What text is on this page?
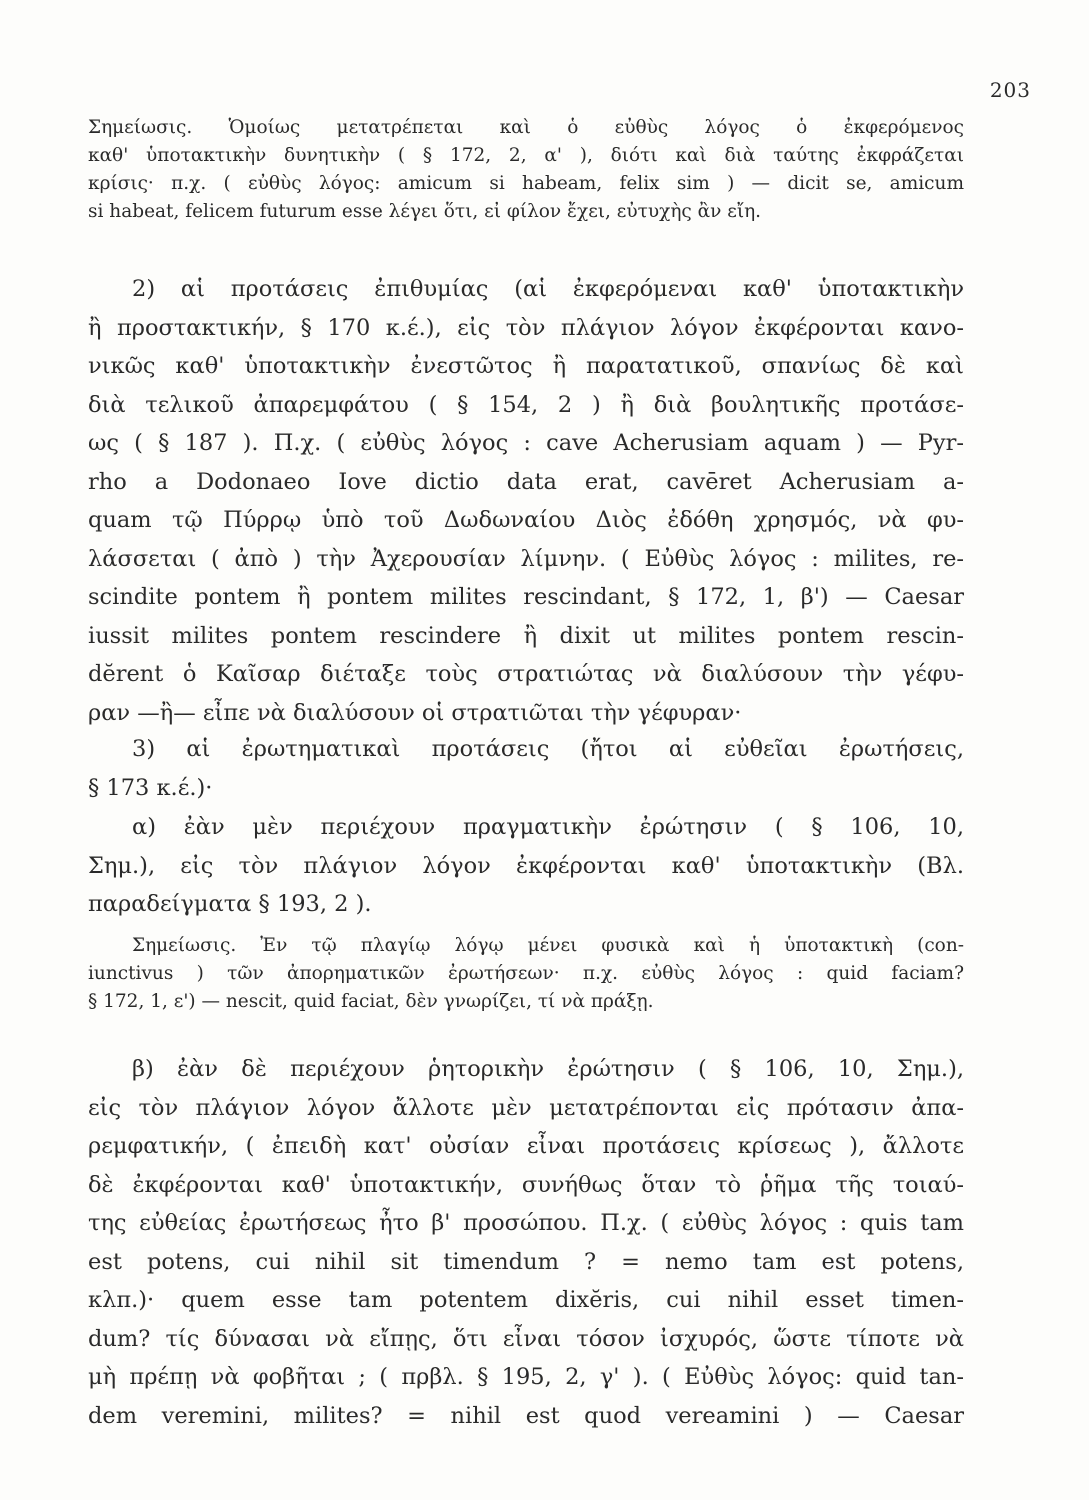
203
Σημείωσις. Ὁμοίως μετατρέπεται καὶ ὁ εὐθὺς λόγος ὁ ἐκφερόμενος
καθ' ὑποτακτικὴν δυνητικὴν ( § 172, 2, α' ), διότι καὶ διὰ ταύτης ἐκφράζεται
κρίσις· π.χ. ( εὐθὺς λόγος: amicum si habeam, felix sim ) — dicit se, amicum
si habeat, felicem futurum esse λέγει ὅτι, εἰ φίλον ἔχει, εὐτυχὴς ἂν εἴη.
2) αἱ προτάσεις ἐπιθυμίας (αἱ ἐκφερόμεναι καθ' ὑποτακτικὴν
ἢ προστακτικήν, § 170 κ.έ.), εἰς τὸν πλάγιον λόγον ἐκφέρονται κανο-
νικῶς καθ' ὑποτακτικὴν ἐνεστῶτος ἢ παρατατικοῦ, σπανίως δὲ καὶ
διὰ τελικοῦ ἀπαρεμφάτου ( § 154, 2 ) ἢ διὰ βουλητικῆς προτάσε-
ως ( § 187 ). Π.χ. ( εὐθὺς λόγος : cave Acherusiam aquam ) — Pyr-
rho a Dodonaeo Iove dictio data erat, cavēret Acherusiam a-
quam τῷ Πύρρῳ ὑπὸ τοῦ Δωδωναίου Διὸς ἐδόθη χρησμός, νὰ φυ-
λάσσεται ( ἀπὸ ) τὴν Ἀχερουσίαν λίμνην. ( Εὐθὺς λόγος : milites, re-
scindite pontem ἢ pontem milites rescindant, § 172, 1, β') — Caesar
iussit milites pontem rescindere ἢ dixit ut milites pontem rescin-
dĕrent ὁ Καῖσαρ διέταξε τοὺς στρατιώτας νὰ διαλύσουν τὴν γέφυ-
ραν —ἢ— εἶπε νὰ διαλύσουν οἱ στρατιῶται τὴν γέφυραν·
3) αἱ ἐρωτηματικαὶ προτάσεις (ἤτοι αἱ εὐθεῖαι ἐρωτήσεις,
§ 173 κ.έ.)·
α) ἐὰν μὲν περιέχουν πραγματικὴν ἐρώτησιν ( § 106, 10,
Σημ.), εἰς τὸν πλάγιον λόγον ἐκφέρονται καθ' ὑποτακτικὴν (Βλ.
παραδείγματα § 193, 2 ).
Σημείωσις. Ἐν τῷ πλαγίῳ λόγῳ μένει φυσικὰ καὶ ἡ ὑποτακτικὴ (con-
iunctivus ) τῶν ἀπορηματικῶν ἐρωτήσεων· π.χ. εὐθὺς λόγος : quid faciam?
§ 172, 1, ε') — nescit, quid faciat, δὲν γνωρίζει, τί νὰ πράξῃ.
β) ἐὰν δὲ περιέχουν ῥητορικὴν ἐρώτησιν ( § 106, 10, Σημ.),
εἰς τὸν πλάγιον λόγον ἄλλοτε μὲν μετατρέπονται εἰς πρότασιν ἀπα-
ρεμφατικήν, ( ἐπειδὴ κατ' οὐσίαν εἶναι προτάσεις κρίσεως ), ἄλλοτε
δὲ ἐκφέρονται καθ' ὑποτακτικήν, συνήθως ὅταν τὸ ῥῆμα τῆς τοιαύ-
της εὐθείας ἐρωτήσεως ἦτο β' προσώπου. Π.χ. ( εὐθὺς λόγος : quis tam
est potens, cui nihil sit timendum ? = nemo tam est potens,
κλπ.)· quem esse tam potentem dixĕris, cui nihil esset timen-
dum? τίς δύνασαι νὰ εἴπῃς, ὅτι εἶναι τόσον ἰσχυρός, ὥστε τίποτε νὰ
μὴ πρέπῃ νὰ φοβῆται ; ( πρβλ. § 195, 2, γ' ). ( Εὐθὺς λόγος: quid tan-
dem veremini, milites? = nihil est quod vereamini ) — Caesar
